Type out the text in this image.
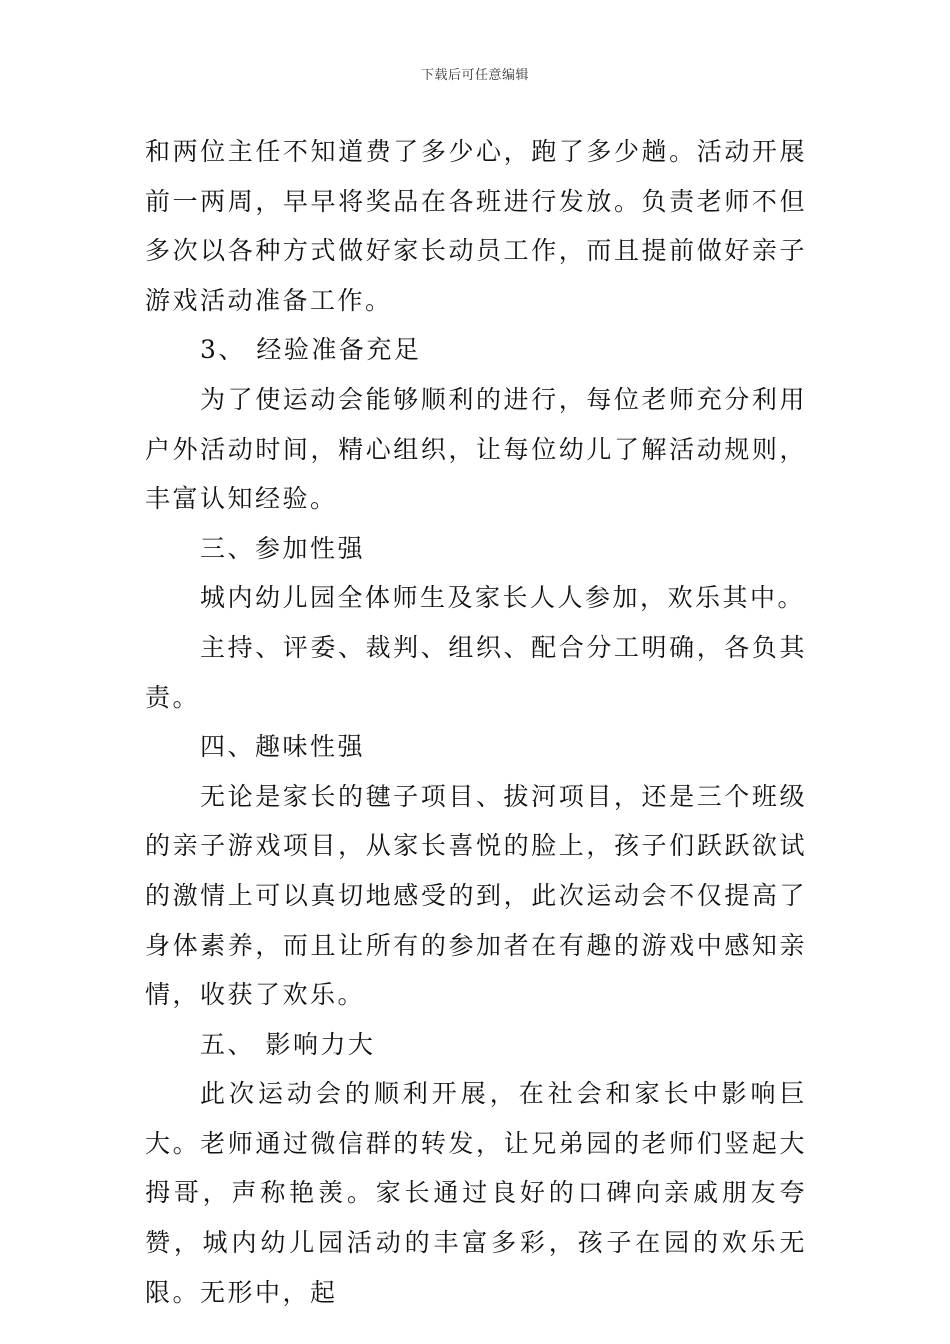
下载后可任意编辑

和两位主任不知道费了多少心，跑了多少趟。活动开展前一两周，早早将奖品在各班进行发放。负责老师不但多次以各种方式做好家长动员工作，而且提前做好亲子游戏活动准备工作。

3、 经验准备充足

为了使运动会能够顺利的进行，每位老师充分利用户外活动时间，精心组织，让每位幼儿了解活动规则，丰富认知经验。

三、参加性强

城内幼儿园全体师生及家长人人参加，欢乐其中。

主持、评委、裁判、组织、配合分工明确，各负其责。

四、趣味性强

无论是家长的毽子项目、拔河项目，还是三个班级的亲子游戏项目，从家长喜悦的脸上，孩子们跃跃欲试的激情上可以真切地感受的到，此次运动会不仅提高了身体素养，而且让所有的参加者在有趣的游戏中感知亲情，收获了欢乐。

五、 影响力大

此次运动会的顺利开展，在社会和家长中影响巨大。老师通过微信群的转发，让兄弟园的老师们竖起大拇哥，声称艳羡。家长通过良好的口碑向亲戚朋友夸赞，城内幼儿园活动的丰富多彩，孩子在园的欢乐无限。无形中，起
